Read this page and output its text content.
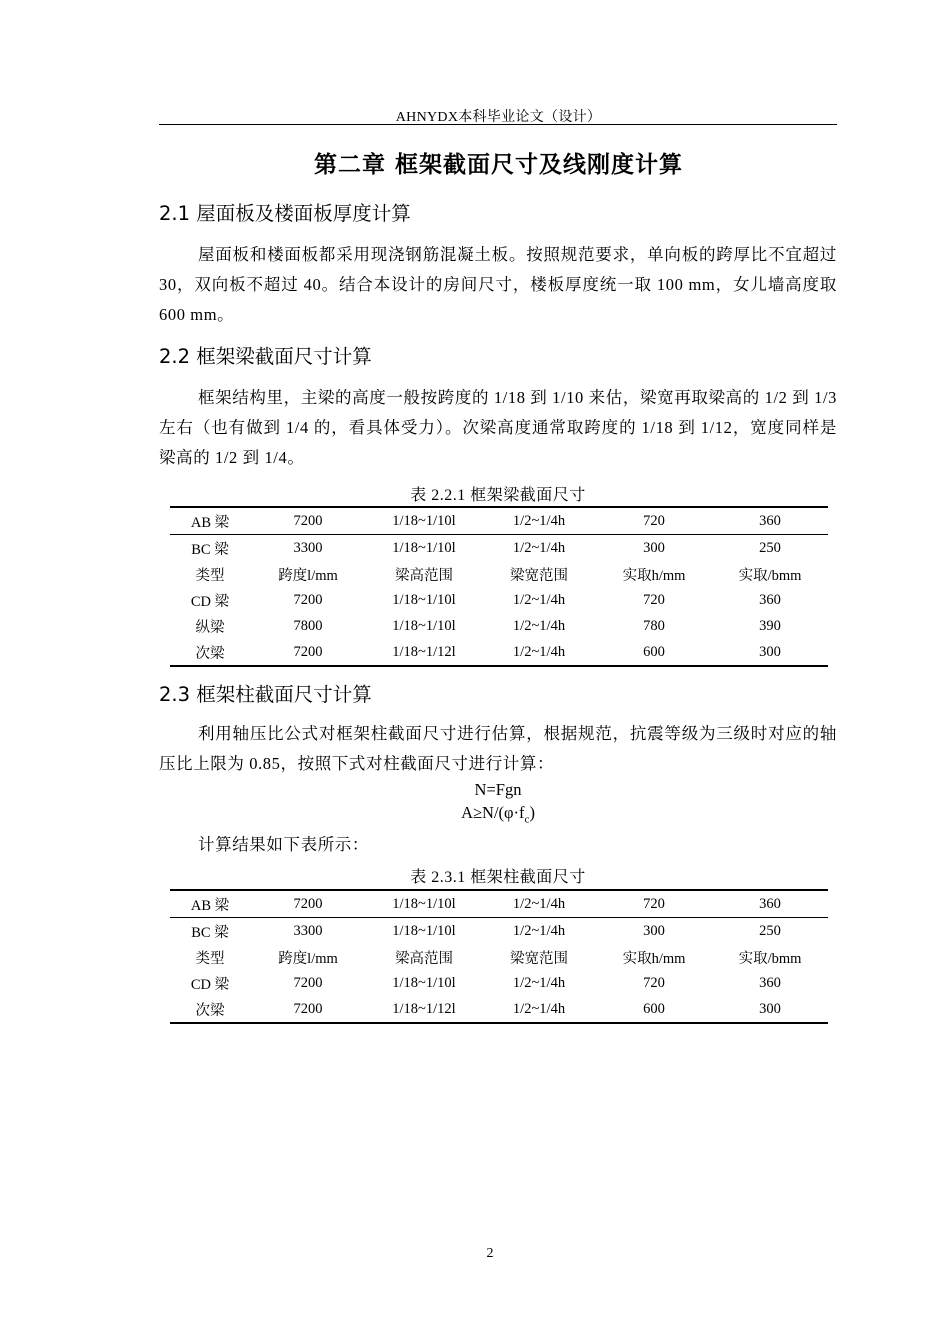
AHNYDX本科毕业论文（设计）
第二章 框架截面尺寸及线刚度计算
2.1 屋面板及楼面板厚度计算

屋面板和楼面板都采用现浇钢筋混凝土板。按照规范要求，单向板的跨厚比不宜超过 30，双向板不超过 40。结合本设计的房间尺寸，楼板厚度统一取 100 mm，女儿墙高度取 600 mm。

2.2 框架梁截面尺寸计算

框架结构里，主梁的高度一般按跨度的 1/18 到 1/10 来估，梁宽再取梁高的 1/2 到 1/3 左右（也有做到 1/4 的，看具体受力）。次梁高度通常取跨度的 1/18 到 1/12，宽度同样是梁高的 1/2 到 1/4。

表 2.2.1 框架梁截面尺寸
AB 梁	7200	1/18~1/10l	1/2~1/4h	720	360
BC 梁	3300	1/18~1/10l	1/2~1/4h	300	250
类型	跨度l/mm	梁高范围	梁宽范围	实取h/mm	实取/bmm
CD 梁	7200	1/18~1/10l	1/2~1/4h	720	360
纵梁	7800	1/18~1/10l	1/2~1/4h	780	390
次梁	7200	1/18~1/12l	1/2~1/4h	600	300
2.3 框架柱截面尺寸计算

利用轴压比公式对框架柱截面尺寸进行估算，根据规范，抗震等级为三级时对应的轴压比上限为 0.85，按照下式对柱截面尺寸进行计算：

N=Fgn
$A\ge N/(\varphi\cdot f_c)$
计算结果如下表所示：
表 2.3.1 框架柱截面尺寸
AB 梁	7200	1/18~1/10l	1/2~1/4h	720	360
BC 梁	3300	1/18~1/10l	1/2~1/4h	300	250
类型	跨度l/mm	梁高范围	梁宽范围	实取h/mm	实取/bmm
CD 梁	7200	1/18~1/10l	1/2~1/4h	720	360
次梁	7200	1/18~1/12l	1/2~1/4h	600	300
2
